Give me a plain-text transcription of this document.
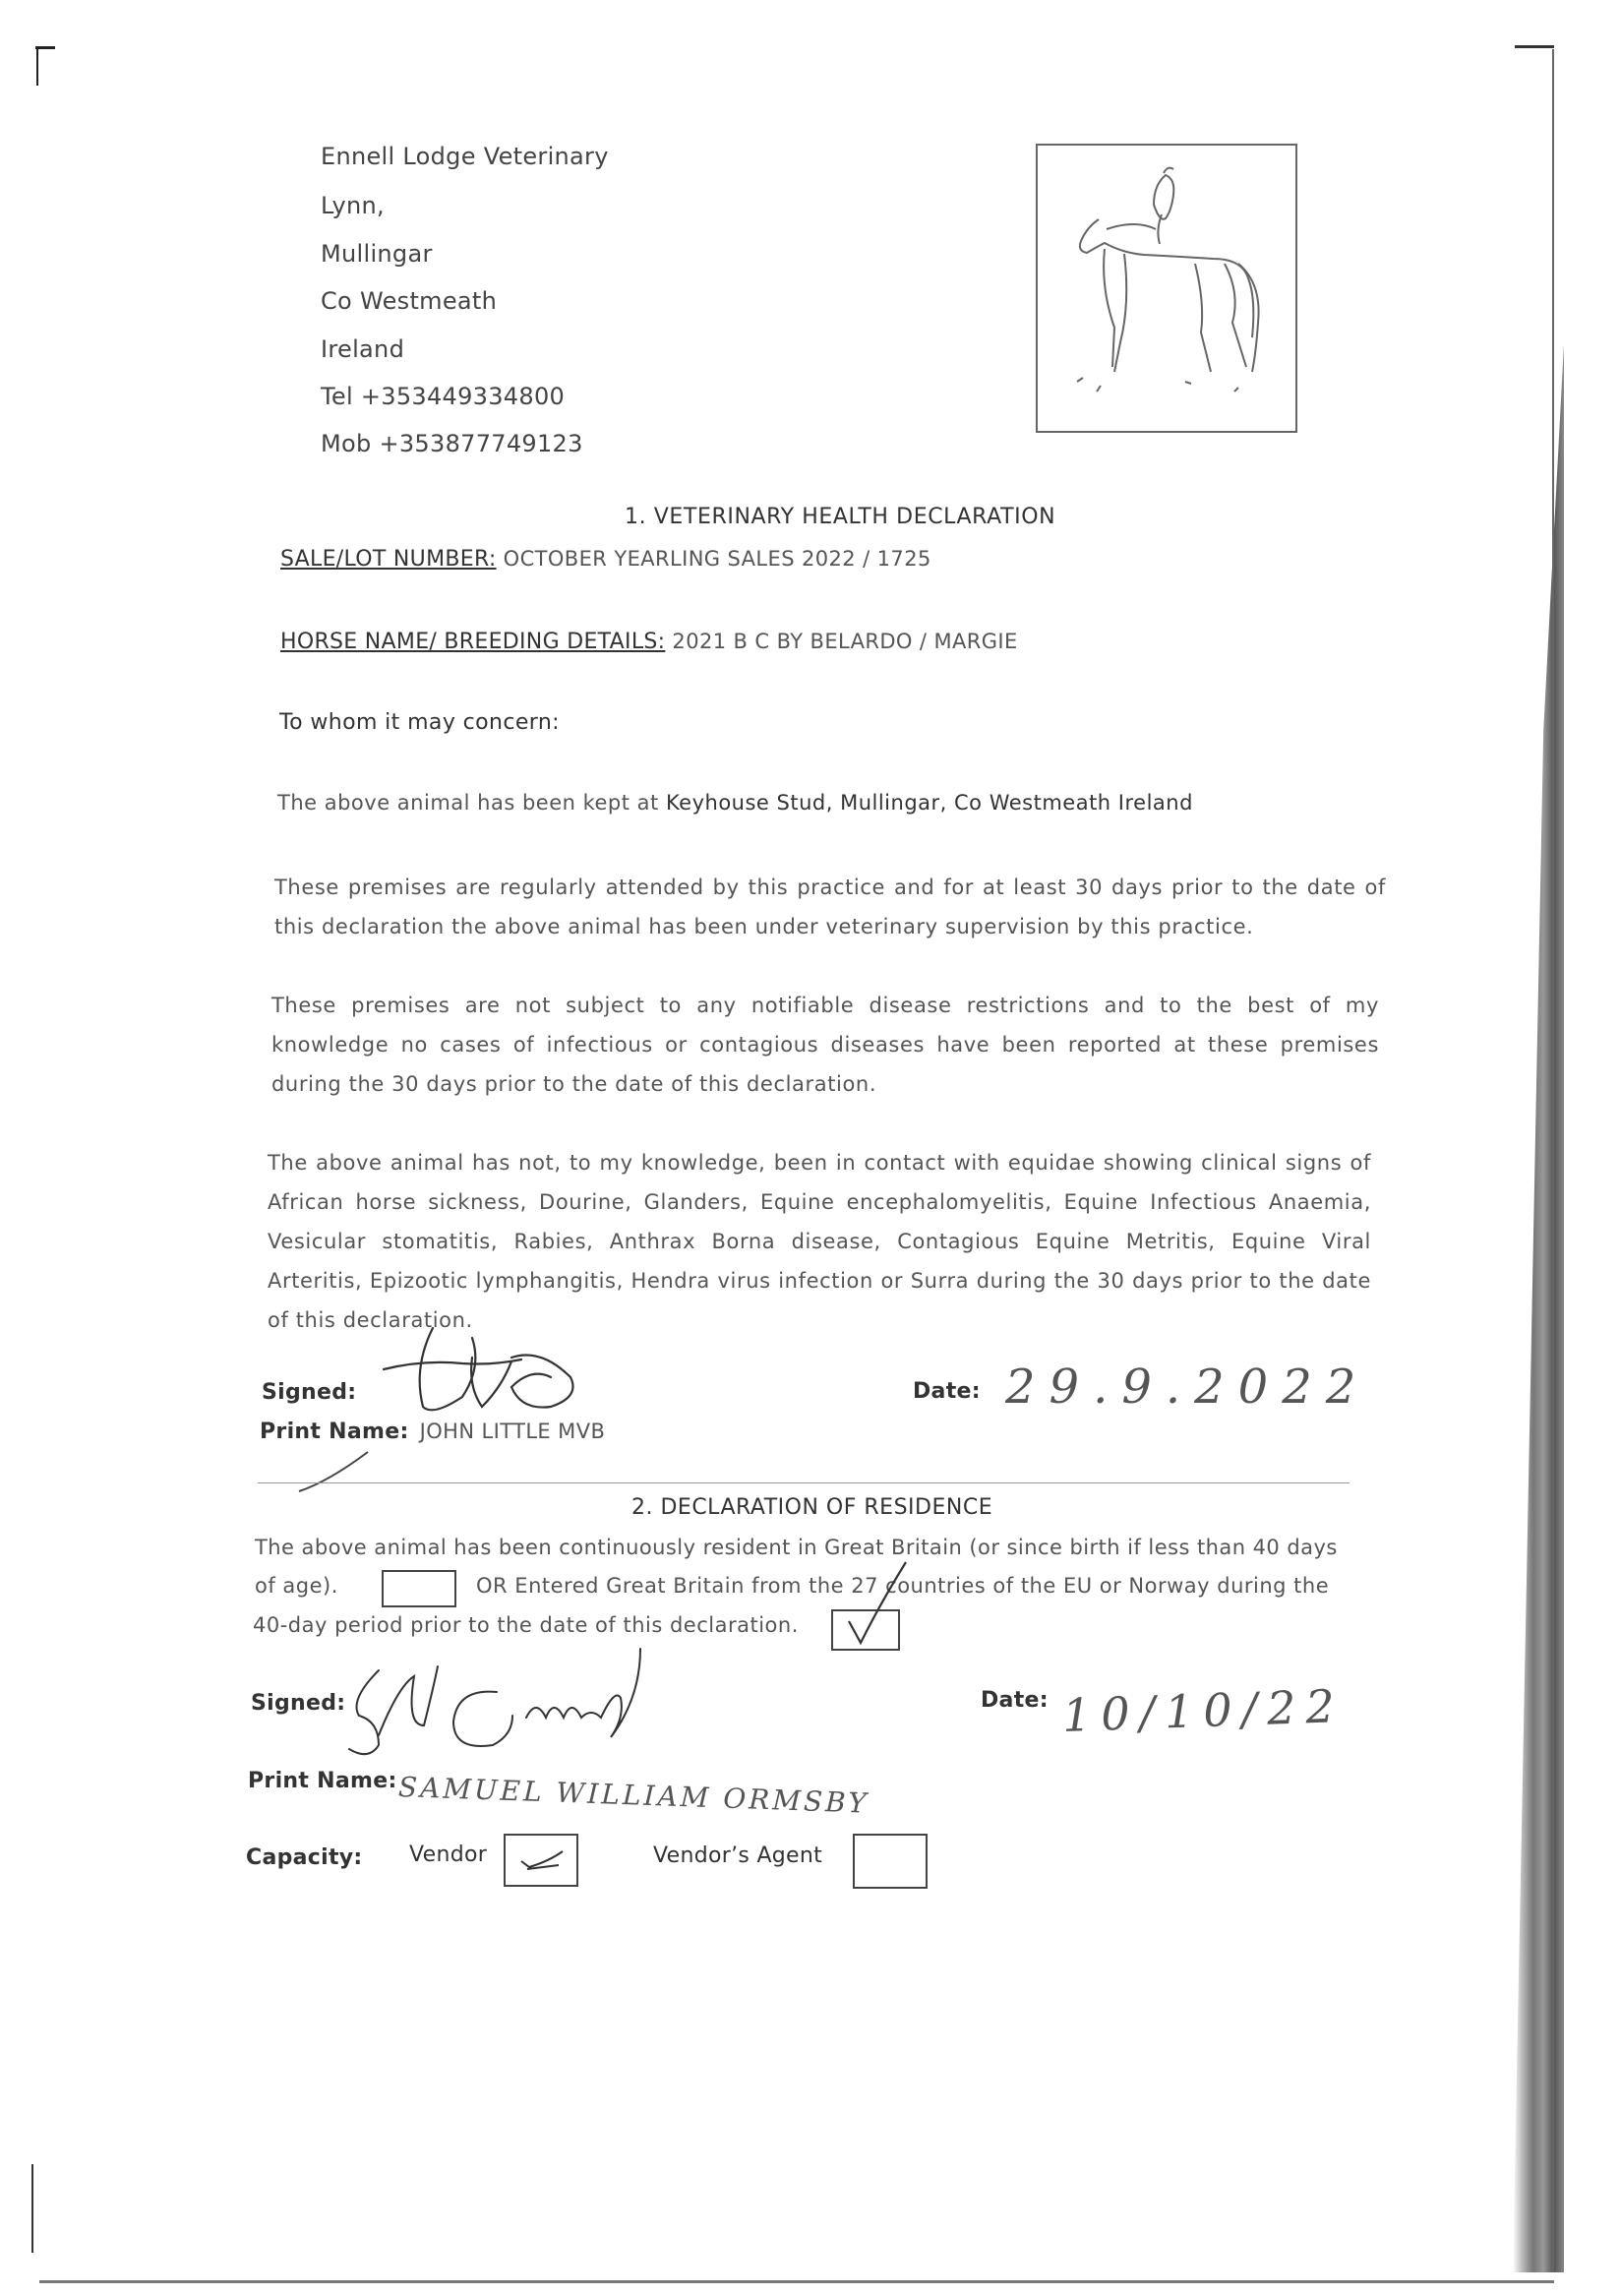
Ennell Lodge Veterinary
Lynn,
Mullingar
Co Westmeath
Ireland
Tel +353449334800
Mob +353877749123
1. VETERINARY HEALTH DECLARATION
SALE/LOT NUMBER: OCTOBER YEARLING SALES 2022 / 1725
HORSE NAME/ BREEDING DETAILS: 2021 B C BY BELARDO / MARGIE
To whom it may concern:
The above animal has been kept at Keyhouse Stud, Mullingar, Co Westmeath Ireland
These premises are regularly attended by this practice and for at least 30 days prior to the date of this declaration the above animal has been under veterinary supervision by this practice.
These premises are not subject to any notifiable disease restrictions and to the best of my knowledge no cases of infectious or contagious diseases have been reported at these premises during the 30 days prior to the date of this declaration.
The above animal has not, to my knowledge, been in contact with equidae showing clinical signs of African horse sickness, Dourine, Glanders, Equine encephalomyelitis, Equine Infectious Anaemia, Vesicular stomatitis, Rabies, Anthrax Borna disease, Contagious Equine Metritis, Equine Viral Arteritis, Epizootic lymphangitis, Hendra virus infection or Surra during the 30 days prior to the date of this declaration.
Signed:	Date: 29.9.2022
Print Name: JOHN LITTLE MVB
2. DECLARATION OF RESIDENCE
The above animal has been continuously resident in Great Britain (or since birth if less than 40 days
of age).	OR Entered Great Britain from the 27 countries of the EU or Norway during the
40-day period prior to the date of this declaration.
Signed:	Date: 10/10/22
Print Name: SAMUEL WILLIAM ORMSBY
Capacity: Vendor	Vendor’s Agent
